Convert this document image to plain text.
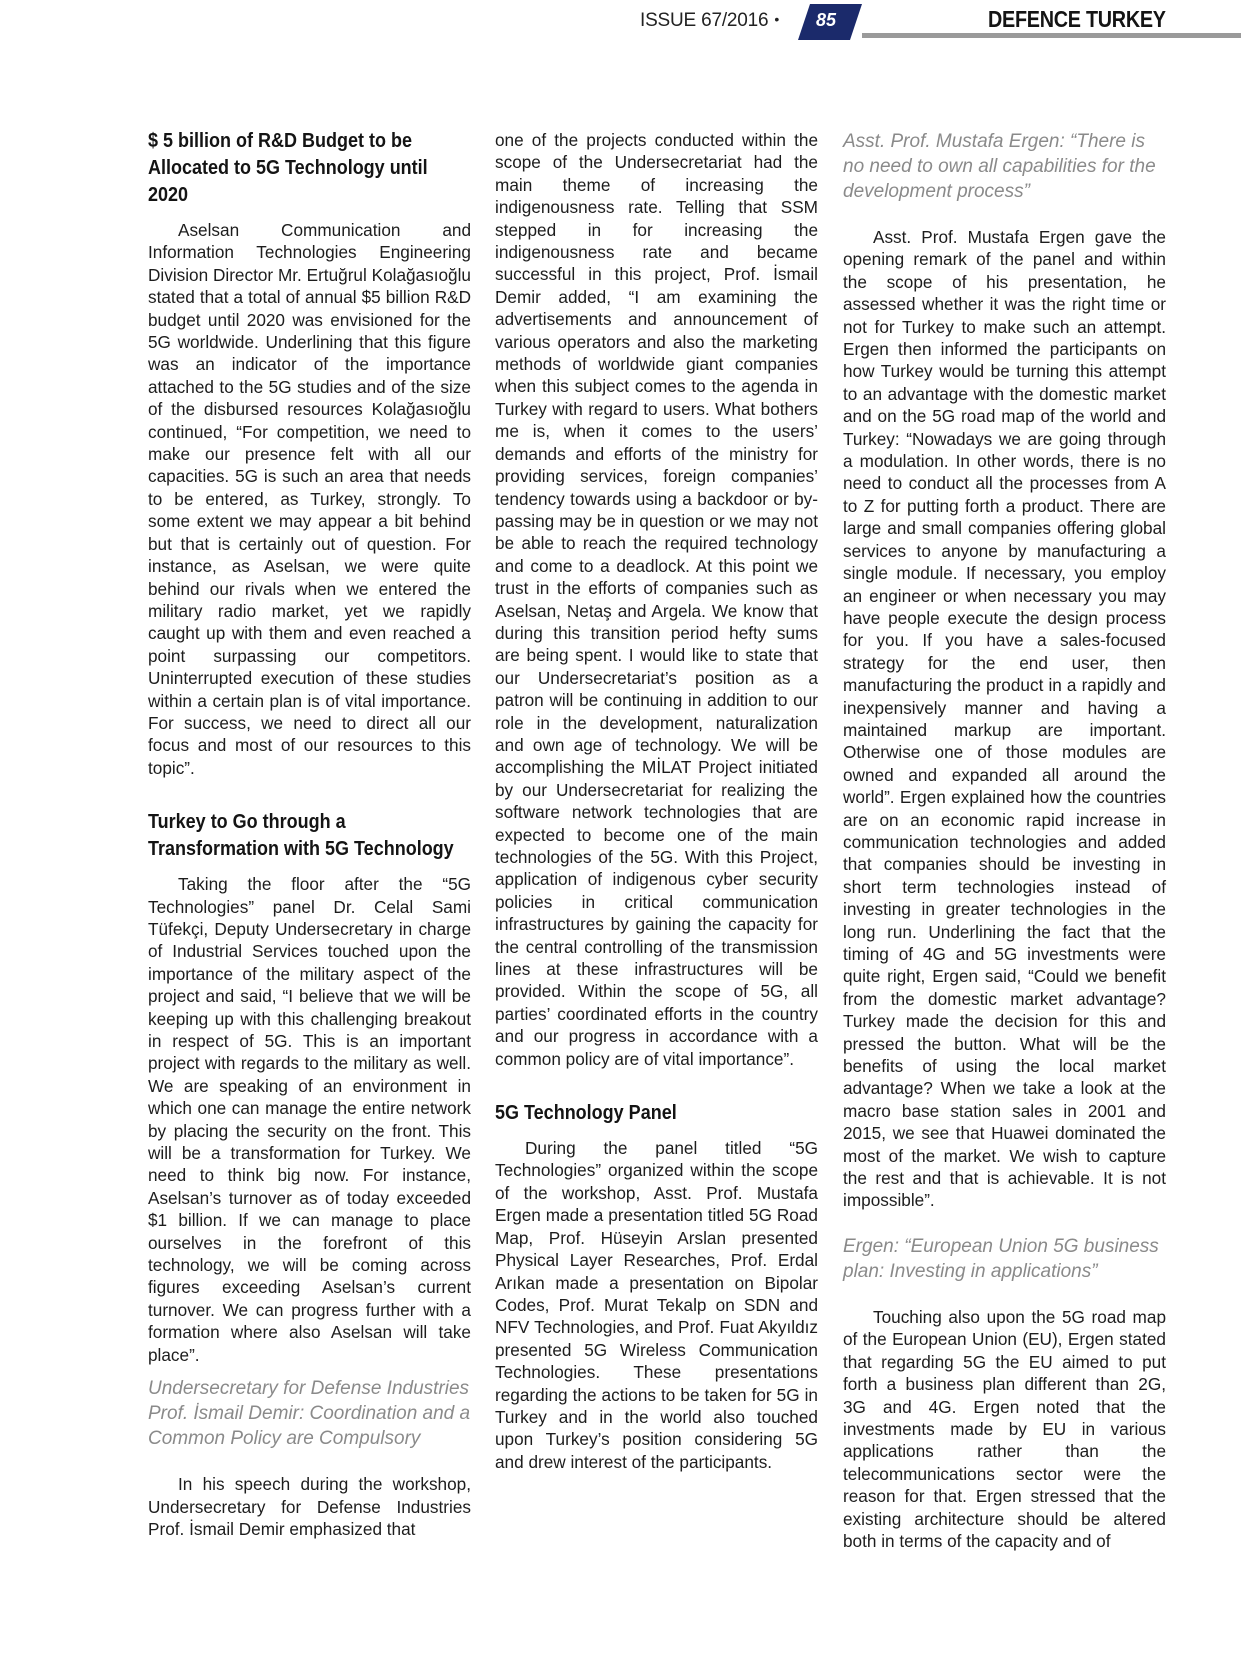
ISSUE 67/2016 • 85	DEFENCE TURKEY
$ 5 billion of R&D Budget to be Allocated to 5G Technology until 2020

Aselsan Communication and Information Technologies Engineering Division Director Mr. Ertuğrul Kolağasıoğlu stated that a total of annual $5 billion R&D budget until 2020 was envisioned for the 5G worldwide. Underlining that this figure was an indicator of the importance attached to the 5G studies and of the size of the disbursed resources Kolağasıoğlu continued, “For competition, we need to make our presence felt with all our capacities. 5G is such an area that needs to be entered, as Turkey, strongly. To some extent we may appear a bit behind but that is certainly out of question. For instance, as Aselsan, we were quite behind our rivals when we entered the military radio market, yet we rapidly caught up with them and even reached a point surpassing our competitors. Uninterrupted execution of these studies within a certain plan is of vital importance. For success, we need to direct all our focus and most of our resources to this topic”.

Turkey to Go through a Transformation with 5G Technology

Taking the floor after the “5G Technologies” panel Dr. Celal Sami Tüfekçi, Deputy Undersecretary in charge of Industrial Services touched upon the importance of the military aspect of the project and said, “I believe that we will be keeping up with this challenging breakout in respect of 5G. This is an important project with regards to the military as well. We are speaking of an environment in which one can manage the entire network by placing the security on the front. This will be a transformation for Turkey. We need to think big now. For instance, Aselsan’s turnover as of today exceeded $1 billion. If we can manage to place ourselves in the forefront of this technology, we will be coming across figures exceeding Aselsan’s current turnover. We can progress further with a formation where also Aselsan will take place”.

Undersecretary for Defense Industries Prof. İsmail Demir: Coordination and a Common Policy are Compulsory

In his speech during the workshop, Undersecretary for Defense Industries Prof. İsmail Demir emphasized that

one of the projects conducted within the scope of the Undersecretariat had the main theme of increasing the indigenousness rate. Telling that SSM stepped in for increasing the indigenousness rate and became successful in this project, Prof. İsmail Demir added, “I am examining the advertisements and announcement of various operators and also the marketing methods of worldwide giant companies when this subject comes to the agenda in Turkey with regard to users. What bothers me is, when it comes to the users’ demands and efforts of the ministry for providing services, foreign companies’ tendency towards using a backdoor or by-passing may be in question or we may not be able to reach the required technology and come to a deadlock. At this point we trust in the efforts of companies such as Aselsan, Netaş and Argela. We know that during this transition period hefty sums are being spent. I would like to state that our Undersecretariat’s position as a patron will be continuing in addition to our role in the development, naturalization and own age of technology. We will be accomplishing the MİLAT Project initiated by our Undersecretariat for realizing the software network technologies that are expected to become one of the main technologies of the 5G. With this Project, application of indigenous cyber security policies in critical communication infrastructures by gaining the capacity for the central controlling of the transmission lines at these infrastructures will be provided. Within the scope of 5G, all parties’ coordinated efforts in the country and our progress in accordance with a common policy are of vital importance”.

5G Technology Panel

During the panel titled “5G Technologies” organized within the scope of the workshop, Asst. Prof. Mustafa Ergen made a presentation titled 5G Road Map, Prof. Hüseyin Arslan presented Physical Layer Researches, Prof. Erdal Arıkan made a presentation on Bipolar Codes, Prof. Murat Tekalp on SDN and NFV Technologies, and Prof. Fuat Akyıldız presented 5G Wireless Communication Technologies. These presentations regarding the actions to be taken for 5G in Turkey and in the world also touched upon Turkey’s position considering 5G and drew interest of the participants.

Asst. Prof. Mustafa Ergen: “There is no need to own all capabilities for the development process”

Asst. Prof. Mustafa Ergen gave the opening remark of the panel and within the scope of his presentation, he assessed whether it was the right time or not for Turkey to make such an attempt. Ergen then informed the participants on how Turkey would be turning this attempt to an advantage with the domestic market and on the 5G road map of the world and Turkey: “Nowadays we are going through a modulation. In other words, there is no need to conduct all the processes from A to Z for putting forth a product. There are large and small companies offering global services to anyone by manufacturing a single module. If necessary, you employ an engineer or when necessary you may have people execute the design process for you. If you have a sales-focused strategy for the end user, then manufacturing the product in a rapidly and inexpensively manner and having a maintained markup are important. Otherwise one of those modules are owned and expanded all around the world”. Ergen explained how the countries are on an economic rapid increase in communication technologies and added that companies should be investing in short term technologies instead of investing in greater technologies in the long run. Underlining the fact that the timing of 4G and 5G investments were quite right, Ergen said, “Could we benefit from the domestic market advantage? Turkey made the decision for this and pressed the button. What will be the benefits of using the local market advantage? When we take a look at the macro base station sales in 2001 and 2015, we see that Huawei dominated the most of the market. We wish to capture the rest and that is achievable. It is not impossible”.

Ergen: “European Union 5G business plan: Investing in applications”

Touching also upon the 5G road map of the European Union (EU), Ergen stated that regarding 5G the EU aimed to put forth a business plan different than 2G, 3G and 4G. Ergen noted that the investments made by EU in various applications rather than the telecommunications sector were the reason for that. Ergen stressed that the existing architecture should be altered both in terms of the capacity and of
